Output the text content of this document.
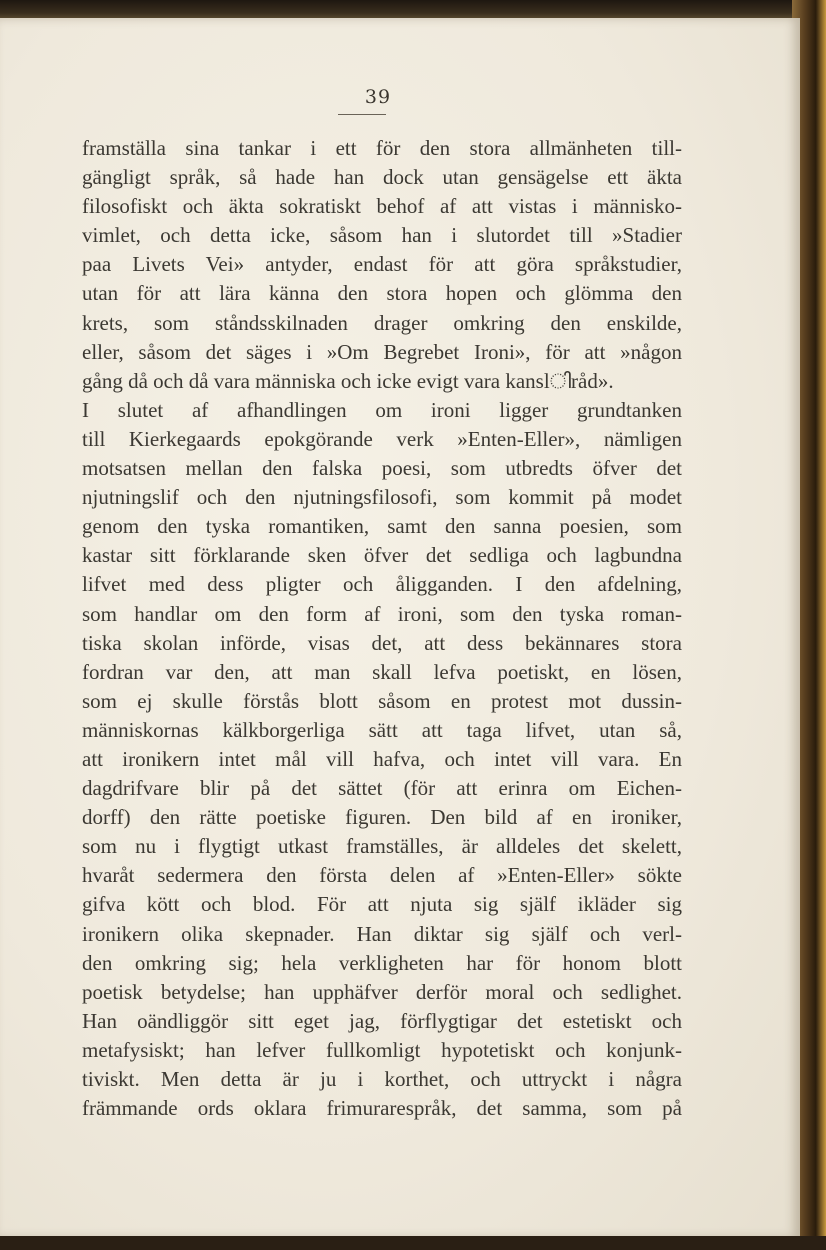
39
framställa sina tankar i ett för den stora allmänheten till-
gängligt språk, så hade han dock utan gensägelse ett äkta
filosofiskt och äkta sokratiskt behof af att vistas i människo-
vimlet, och detta icke, såsom han i slutordet till »Stadier
paa Livets Vei» antyder, endast för att göra språkstudier,
utan för att lära känna den stora hopen och glömma den
krets, som ståndsskilnaden drager omkring den enskilde,
eller, såsom det säges i »Om Begrebet Ironi», för att »någon
gång då och då vara människa och icke evigt vara kanslിråd».
I slutet af afhandlingen om ironi ligger grundtanken
till Kierkegaards epokgörande verk »Enten-Eller», nämligen
motsatsen mellan den falska poesi, som utbredts öfver det
njutningslif och den njutningsfilosofi, som kommit på modet
genom den tyska romantiken, samt den sanna poesien, som
kastar sitt förklarande sken öfver det sedliga och lagbundna
lifvet med dess pligter och åligganden. I den afdelning,
som handlar om den form af ironi, som den tyska roman-
tiska skolan införde, visas det, att dess bekännares stora
fordran var den, att man skall lefva poetiskt, en lösen,
som ej skulle förstås blott såsom en protest mot dussin-
människornas kälkborgerliga sätt att taga lifvet, utan så,
att ironikern intet mål vill hafva, och intet vill vara. En
dagdrifvare blir på det sättet (för att erinra om Eichen-
dorff) den rätte poetiske figuren. Den bild af en ironiker,
som nu i flygtigt utkast framställes, är alldeles det skelett,
hvaråt sedermera den första delen af »Enten-Eller» sökte
gifva kött och blod. För att njuta sig själf ikläder sig
ironikern olika skepnader. Han diktar sig själf och verl-
den omkring sig; hela verkligheten har för honom blott
poetisk betydelse; han upphäfver derför moral och sedlighet.
Han oändliggör sitt eget jag, förflygtigar det estetiskt och
metafysiskt; han lefver fullkomligt hypotetiskt och konjunk-
tiviskt. Men detta är ju i korthet, och uttryckt i några
främmande ords oklara frimurarespråk, det samma, som på
